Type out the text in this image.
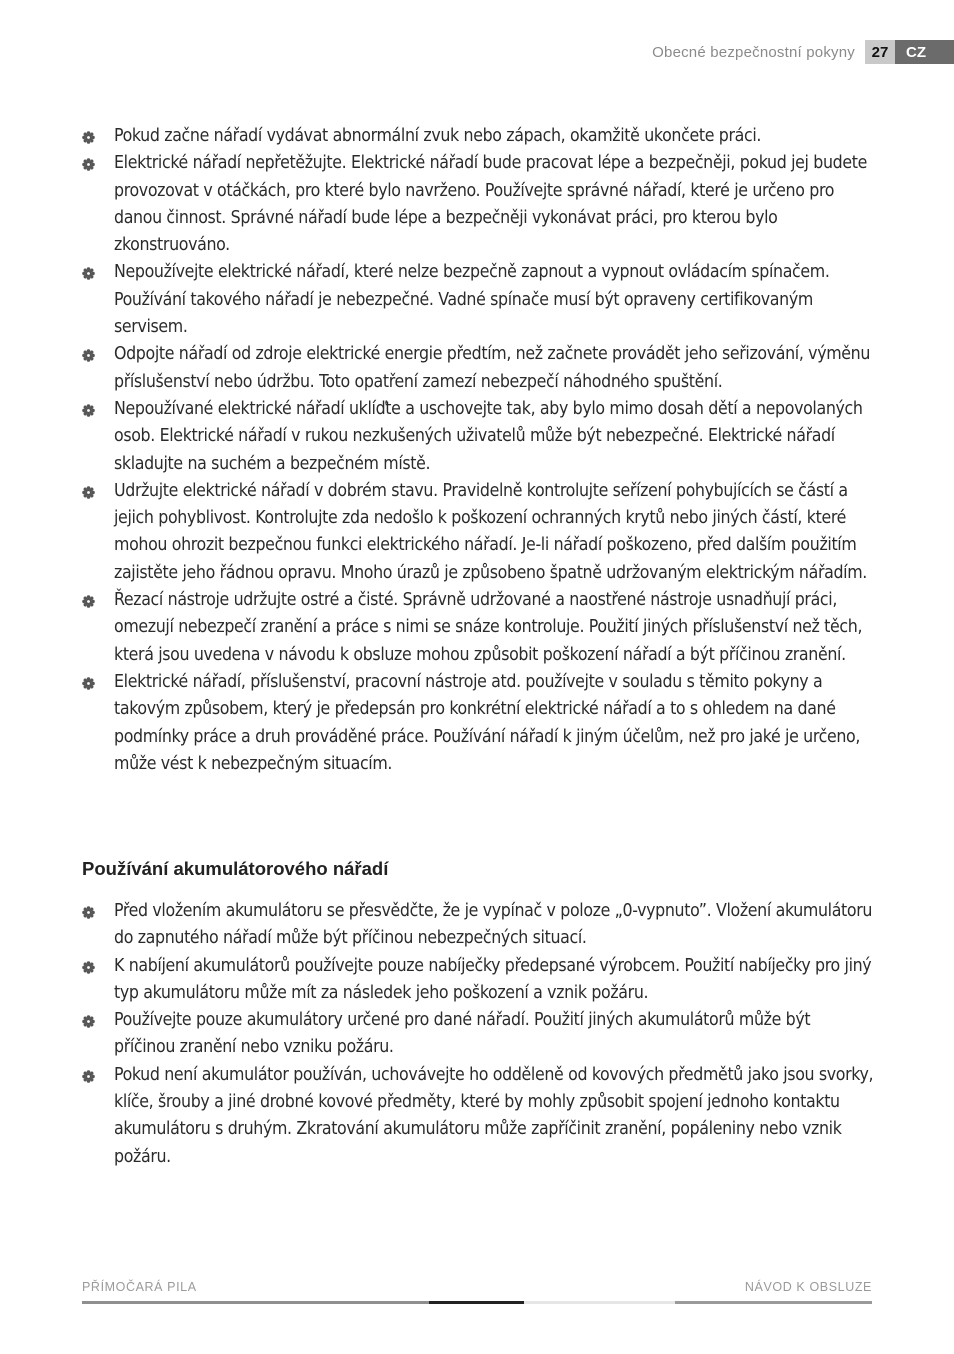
Obecné bezpečnostní pokyny	27	CZ
Pokud začne nářadí vydávat abnormální zvuk nebo zápach, okamžitě ukončete práci.
Elektrické nářadí nepřetěžujte. Elektrické nářadí bude pracovat lépe a bezpečněji, pokud jej budete provozovat v otáčkách, pro které bylo navrženo. Používejte správné nářadí, které je určeno pro danou činnost. Správné nářadí bude lépe a bezpečněji vykonávat práci, pro kterou bylo zkonstruováno.
Nepoužívejte elektrické nářadí, které nelze bezpečně zapnout a vypnout ovládacím spínačem. Používání takového nářadí je nebezpečné. Vadné spínače musí být opraveny certifikovaným servisem.
Odpojte nářadí od zdroje elektrické energie předtím, než začnete provádět jeho seřizování, výměnu příslušenství nebo údržbu. Toto opatření zamezí nebezpečí náhodného spuštění.
Nepoužívané elektrické nářadí uklíďte a uschovejte tak, aby bylo mimo dosah dětí a nepovolaných osob. Elektrické nářadí v rukou nezkušených uživatelů může být nebezpečné. Elektrické nářadí skladujte na suchém a bezpečném místě.
Udržujte elektrické nářadí v dobrém stavu. Pravidelně kontrolujte seřízení pohybujících se částí a jejich pohyblivost. Kontrolujte zda nedošlo k poškození ochranných krytů nebo jiných částí, které mohou ohrozit bezpečnou funkci elektrického nářadí. Je-li nářadí poškozeno, před dalším použitím zajistěte jeho řádnou opravu. Mnoho úrazů je způsobeno špatně udržovaným elektrickým nářadím.
Řezací nástroje udržujte ostré a čisté. Správně udržované a naostřené nástroje usnadňují práci, omezují nebezpečí zranění a práce s nimi se snáze kontroluje. Použití jiných příslušenství než těch, která jsou uvedena v návodu k obsluze mohou způsobit poškození nářadí a být příčinou zranění.
Elektrické nářadí, příslušenství, pracovní nástroje atd. používejte v souladu s těmito pokyny a takovým způsobem, který je předepsán pro konkrétní elektrické nářadí a to s ohledem na dané podmínky práce a druh prováděné práce. Používání nářadí k jiným účelům, než pro jaké je určeno, může vést k nebezpečným situacím.
Používání akumulátorového nářadí
Před vložením akumulátoru se přesvědčte, že je vypínač v poloze „0-vypnuto”. Vložení akumulátoru do zapnutého nářadí může být příčinou nebezpečných situací.
K nabíjení akumulátorů používejte pouze nabíječky předepsané výrobcem. Použití nabíječky pro jiný typ akumulátoru může mít za následek jeho poškození a vznik požáru.
Používejte pouze akumulátory určené pro dané nářadí. Použití jiných akumulátorů může být příčinou zranění nebo vzniku požáru.
Pokud není akumulátor používán, uchovávejte ho odděleně od kovových předmětů jako jsou svorky, klíče, šrouby a jiné drobné kovové předměty, které by mohly způsobit spojení jednoho kontaktu akumulátoru s druhým. Zkratování akumulátoru může zapříčinit zranění, popáleniny nebo vznik požáru.
PŘÍMOČARÁ PILA	NÁVOD K OBSLUZE
